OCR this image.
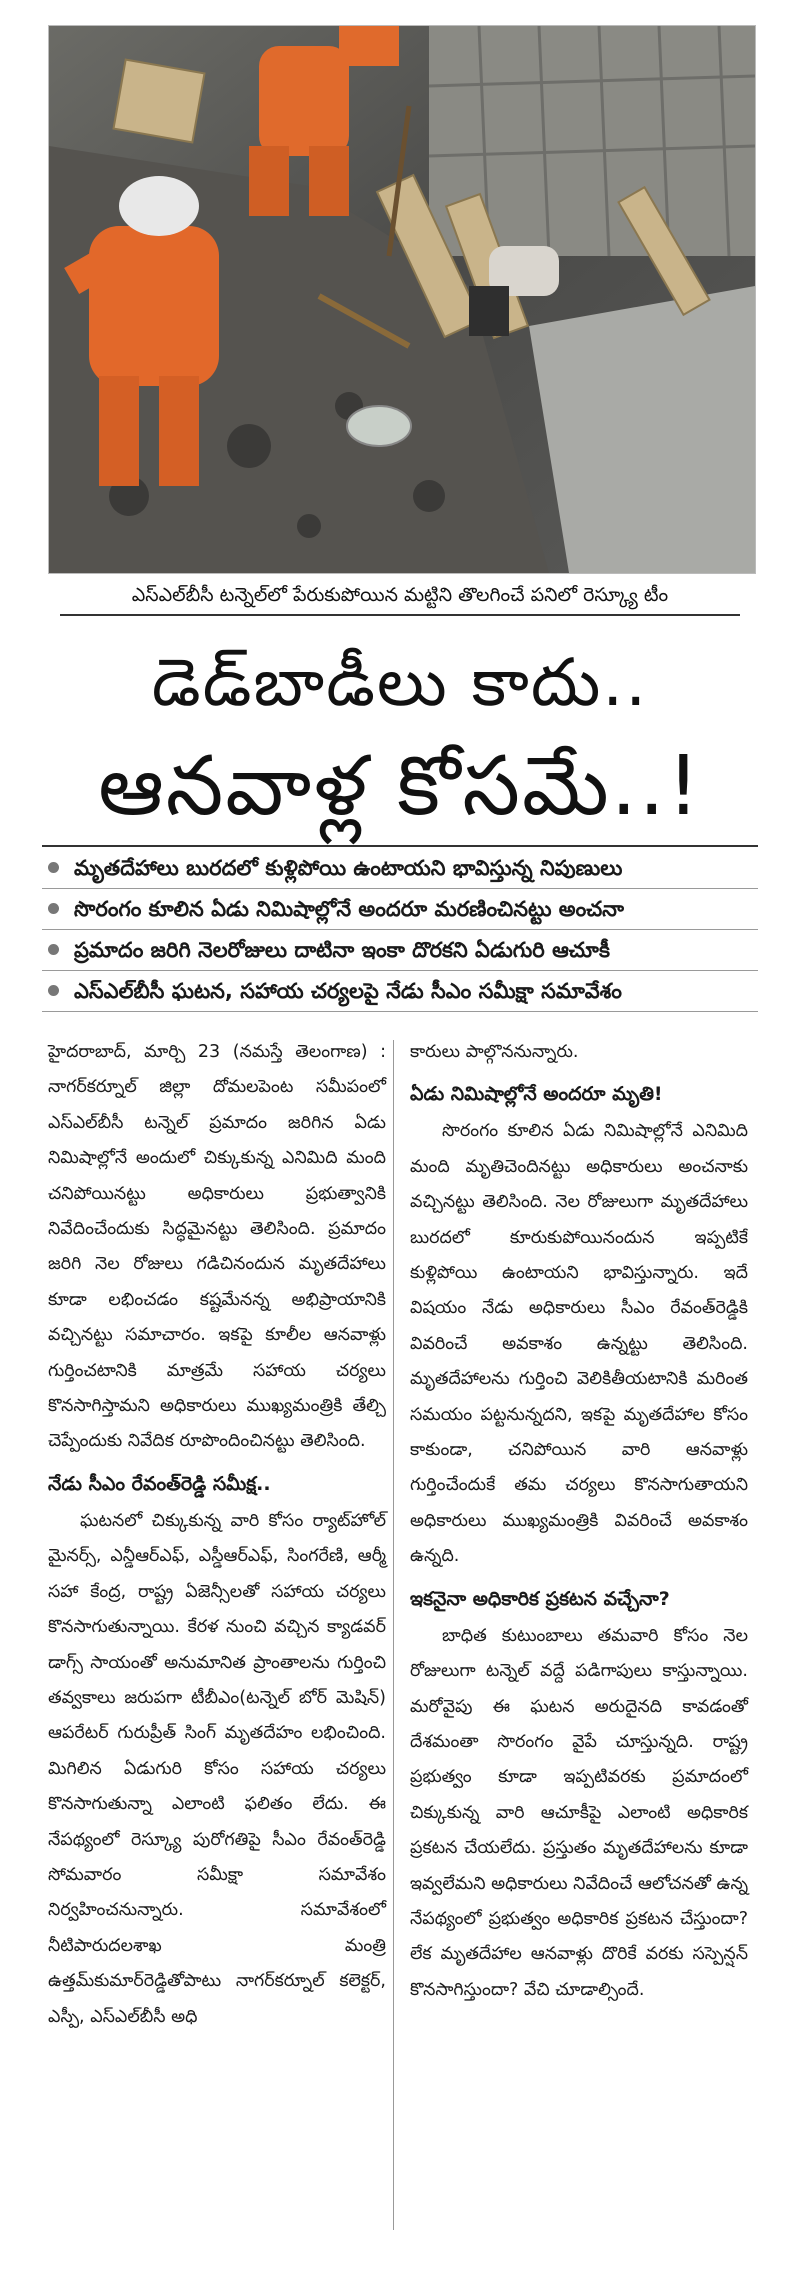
ఎస్ఎల్‌బీసీ టన్నెల్‌లో పేరుకుపోయిన మట్టిని తొలగించే పనిలో రెస్క్యూ టీం
డెడ్‌బాడీలు కాదు..
ఆనవాళ్ల కోసమే..!
మృతదేహాలు బురదలో కుళ్లిపోయి ఉంటాయని భావిస్తున్న నిపుణులు
సొరంగం కూలిన ఏడు నిమిషాల్లోనే అందరూ మరణించినట్టు అంచనా
ప్రమాదం జరిగి నెలరోజులు దాటినా ఇంకా దొరకని ఏడుగురి ఆచూకీ
ఎస్ఎల్‌బీసీ ఘటన, సహాయ చర్యలపై నేడు సీఎం సమీక్షా సమావేశం

హైదరాబాద్, మార్చి 23 (నమస్తే తెలంగాణ) : నాగర్‌కర్నూల్ జిల్లా దోమలపెంట సమీపంలో ఎస్ఎల్‌బీసీ టన్నెల్ ప్రమాదం జరిగిన ఏడు నిమిషాల్లోనే అందులో చిక్కుకున్న ఎనిమిది మంది చనిపోయినట్టు అధికారులు ప్రభుత్వానికి నివేదించేందుకు సిద్ధమైనట్టు తెలిసింది. ప్రమాదం జరిగి నెల రోజులు గడిచినందున మృతదేహాలు కూడా లభించడం కష్టమేనన్న అభిప్రాయానికి వచ్చినట్టు సమాచారం. ఇకపై కూలీల ఆనవాళ్లు గుర్తించటానికి మాత్రమే సహాయ చర్యలు కొనసాగిస్తామని అధికారులు ముఖ్యమంత్రికి తేల్చి చెప్పేందుకు నివేదిక రూపొందించినట్టు తెలిసింది.

నేడు సీఎం రేవంత్‌రెడ్డి సమీక్ష..

ఘటనలో చిక్కుకున్న వారి కోసం ర్యాట్‌హోల్ మైనర్స్, ఎన్డీఆర్ఎఫ్, ఎస్డీఆర్ఎఫ్, సింగరేణి, ఆర్మీ సహా కేంద్ర, రాష్ట్ర ఏజెన్సీలతో సహాయ చర్యలు కొనసాగుతున్నాయి. కేరళ నుంచి వచ్చిన క్యాడవర్ డాగ్స్ సాయంతో అనుమానిత ప్రాంతాలను గుర్తించి తవ్వకాలు జరుపగా టీబీఎం(టన్నెల్ బోర్ మెషిన్) ఆపరేటర్ గురుప్రీత్ సింగ్ మృతదేహం లభించింది. మిగిలిన ఏడుగురి కోసం సహాయ చర్యలు కొనసాగుతున్నా ఎలాంటి ఫలితం లేదు. ఈ నేపథ్యంలో రెస్క్యూ పురోగతిపై సీఎం రేవంత్‌రెడ్డి సోమవారం సమీక్షా సమావేశం నిర్వహించనున్నారు. సమావేశంలో నీటిపారుదలశాఖ మంత్రి ఉత్తమ్‌కుమార్‌రెడ్డితోపాటు నాగర్‌కర్నూల్ కలెక్టర్, ఎస్పీ, ఎస్ఎల్‌బీసీ అధి

కారులు పాల్గొననున్నారు.

ఏడు నిమిషాల్లోనే అందరూ మృతి!

సొరంగం కూలిన ఏడు నిమిషాల్లోనే ఎనిమిది మంది మృతిచెందినట్టు అధికారులు అంచనాకు వచ్చినట్టు తెలిసింది. నెల రోజులుగా మృతదేహాలు బురదలో కూరుకుపోయినందున ఇప్పటికే కుళ్లిపోయి ఉంటాయని భావిస్తున్నారు. ఇదే విషయం నేడు అధికారులు సీఎం రేవంత్‌రెడ్డికి వివరించే అవకాశం ఉన్నట్టు తెలిసింది. మృతదేహాలను గుర్తించి వెలికితీయటానికి మరింత సమయం పట్టనున్నదని, ఇకపై మృతదేహాల కోసం కాకుండా, చనిపోయిన వారి ఆనవాళ్లు గుర్తించేందుకే తమ చర్యలు కొనసాగుతాయని అధికారులు ముఖ్యమంత్రికి వివరించే అవకాశం ఉన్నది.

ఇకనైనా అధికారిక ప్రకటన వచ్చేనా?

బాధిత కుటుంబాలు తమవారి కోసం నెల రోజులుగా టన్నెల్ వద్దే పడిగాపులు కాస్తున్నాయి. మరోవైపు ఈ ఘటన అరుదైనది కావడంతో దేశమంతా సొరంగం వైపే చూస్తున్నది. రాష్ట్ర ప్రభుత్వం కూడా ఇప్పటివరకు ప్రమాదంలో చిక్కుకున్న వారి ఆచూకీపై ఎలాంటి అధికారిక ప్రకటన చేయలేదు. ప్రస్తుతం మృతదేహాలను కూడా ఇవ్వలేమని అధికారులు నివేదించే ఆలోచనతో ఉన్న నేపథ్యంలో ప్రభుత్వం అధికారిక ప్రకటన చేస్తుందా? లేక మృతదేహాల ఆనవాళ్లు దొరికే వరకు సస్పెన్షన్ కొనసాగిస్తుందా? వేచి చూడాల్సిందే.
